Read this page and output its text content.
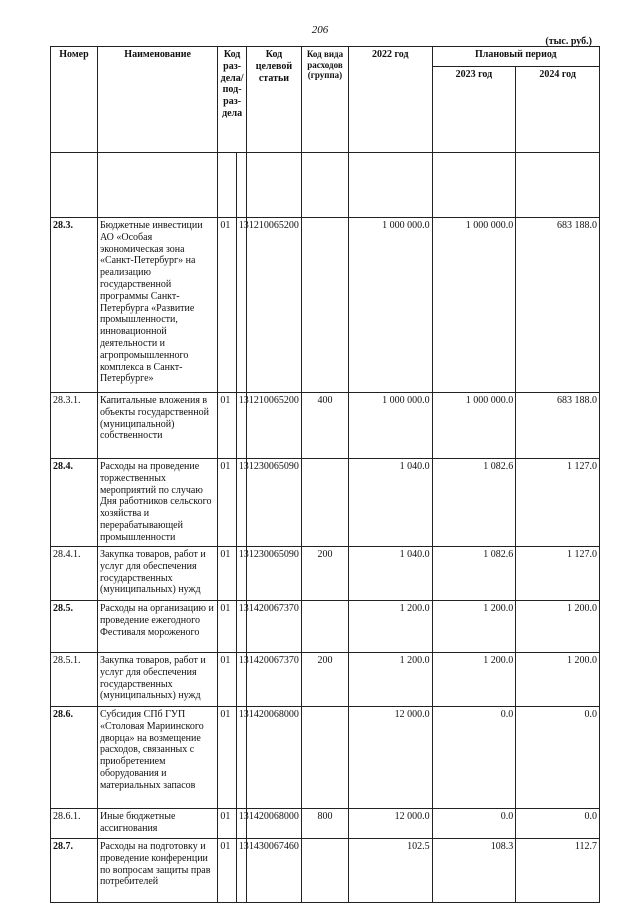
206
(тыс. руб.)
Номер	Наименование	Код раз-дела/ под-раз-дела		Код целевой статьи	Код вида расходов (группа)	2022 год	Плановый период	
							2023 год	2024 год

28.3.	Бюджетные инвестиции АО «Особая экономическая зона «Санкт-Петербург» на реализацию государственной программы Санкт-Петербурга «Развитие промышленности, инновационной деятельности и агропромышленного комплекса в Санкт-Петербурге»	01	13	1210065200		1 000 000.0	1 000 000.0	683 188.0
28.3.1.	Капитальные вложения в объекты государственной (муниципальной) собственности	01	13	1210065200	400	1 000 000.0	1 000 000.0	683 188.0
28.4.	Расходы на проведение торжественных мероприятий по случаю Дня работников сельского хозяйства и перерабатывающей промышленности	01	13	1230065090		1 040.0	1 082.6	1 127.0
28.4.1.	Закупка товаров, работ и услуг для обеспечения государственных (муниципальных) нужд	01	13	1230065090	200	1 040.0	1 082.6	1 127.0
28.5.	Расходы на организацию и проведение ежегодного Фестиваля мороженого	01	13	1420067370		1 200.0	1 200.0	1 200.0
28.5.1.	Закупка товаров, работ и услуг для обеспечения государственных (муниципальных) нужд	01	13	1420067370	200	1 200.0	1 200.0	1 200.0
28.6.	Субсидия СПб ГУП «Столовая Мариинского дворца» на возмещение расходов, связанных с приобретением оборудования и материальных запасов	01	13	1420068000		12 000.0	0.0	0.0
28.6.1.	Иные бюджетные ассигнования	01	13	1420068000	800	12 000.0	0.0	0.0
28.7.	Расходы на подготовку и проведение конференции по вопросам защиты прав потребителей	01	13	1430067460		102.5	108.3	112.7
